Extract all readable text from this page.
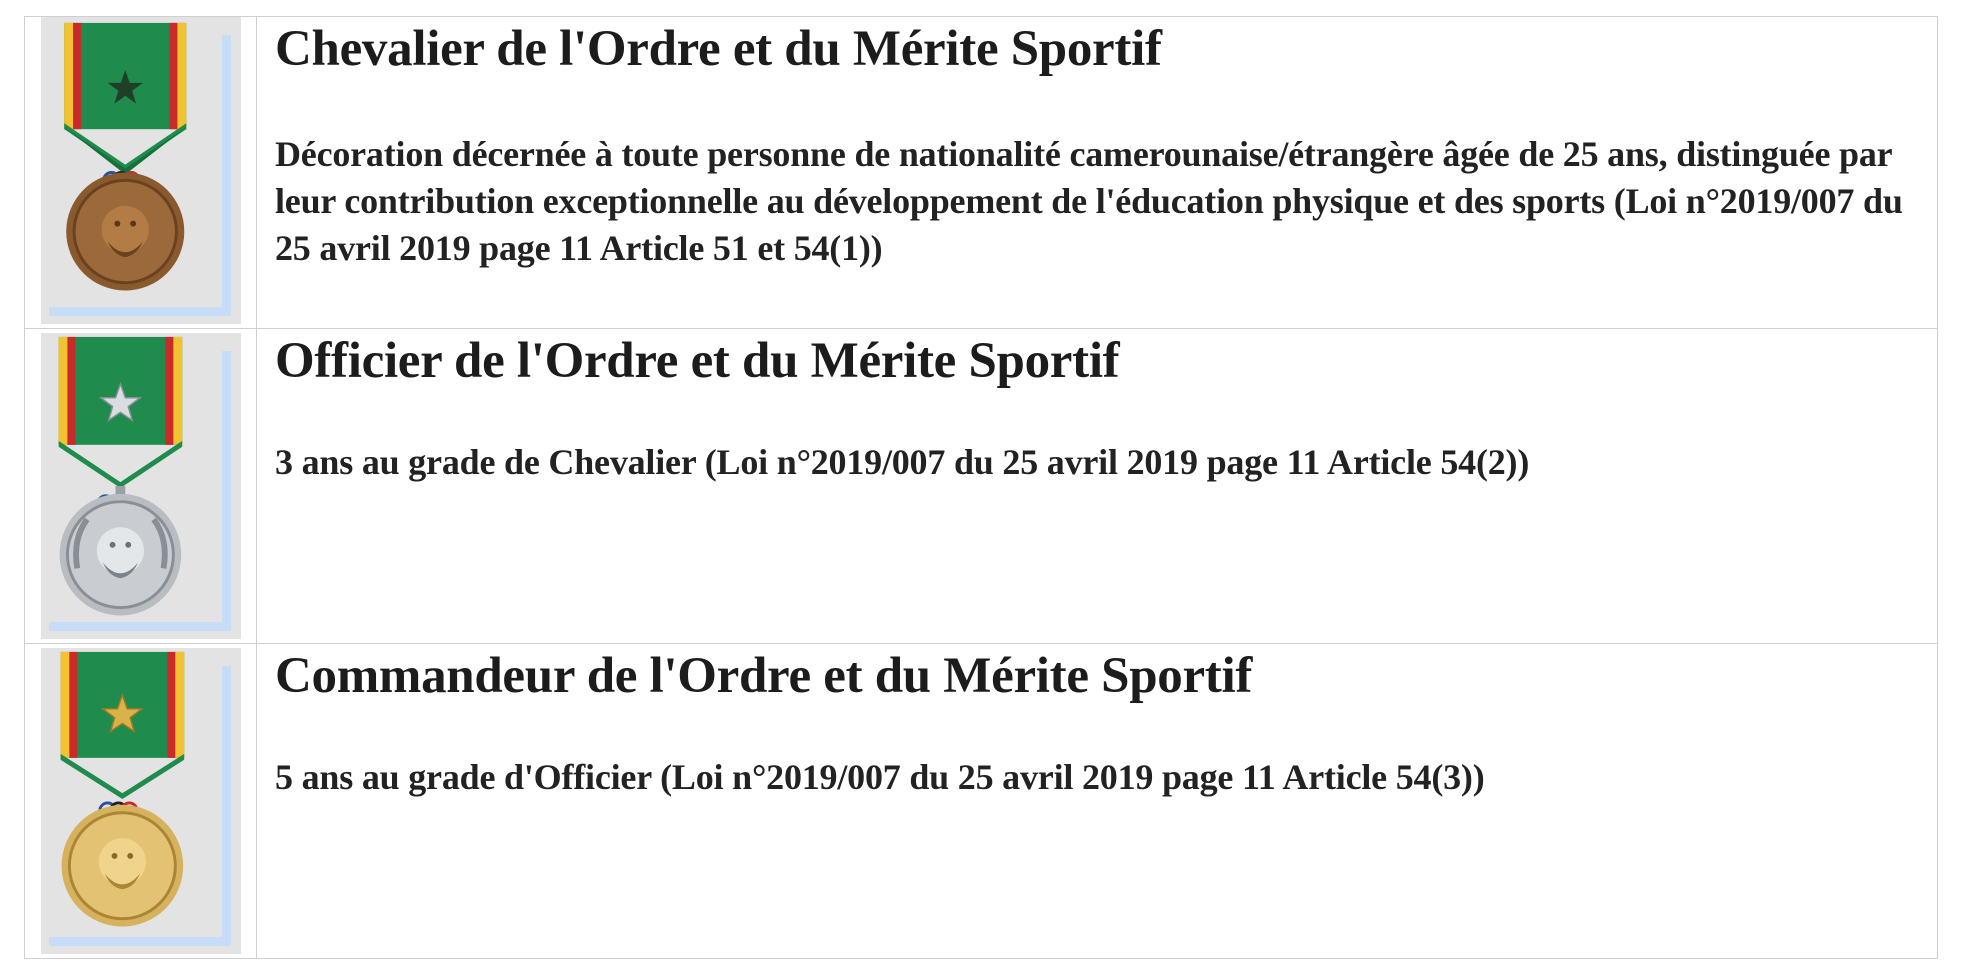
Chevalier de l'Ordre et du Mérite Sportif

Décoration décernée à toute personne de nationalité camerounaise/étrangère âgée de 25 ans, distinguée par leur contribution exceptionnelle au développement de l'éducation physique et des sports (Loi n°2019/007 du 25 avril 2019 page 11 Article 51 et 54(1))

Officier de l'Ordre et du Mérite Sportif

3 ans au grade de Chevalier (Loi n°2019/007 du 25 avril 2019 page 11 Article 54(2))

Commandeur de l'Ordre et du Mérite Sportif

5 ans au grade d'Officier (Loi n°2019/007 du 25 avril 2019 page 11 Article 54(3))
